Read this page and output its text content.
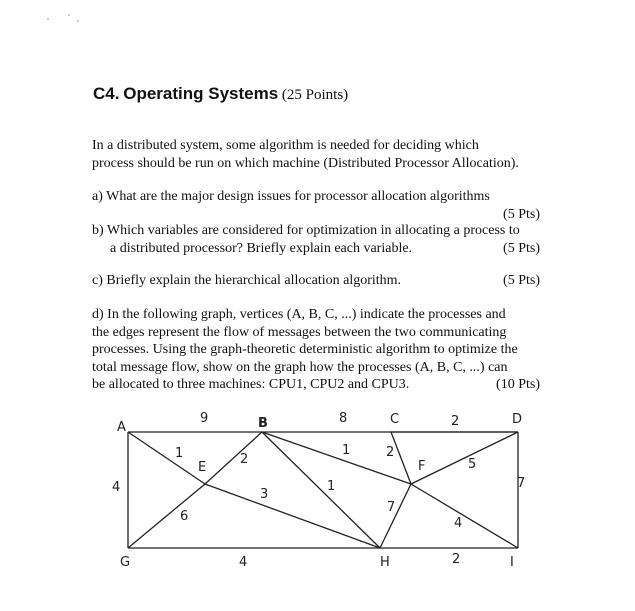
C4. Operating Systems (25 Points)
In a distributed system, some algorithm is needed for deciding which
process should be run on which machine (Distributed Processor Allocation).
a) What are the major design issues for processor allocation algorithms
(5 Pts)
b) Which variables are considered for optimization in allocating a process to
a distributed processor? Briefly explain each variable.	(5 Pts)
c) Briefly explain the hierarchical allocation algorithm.	(5 Pts)
d) In the following graph, vertices (A, B, C, ...) indicate the processes and
the edges represent the flow of messages between the two communicating
processes. Using the graph-theoretic deterministic algorithm to optimize the
total message flow, show on the graph how the processes (A, B, C, ...) can
be allocated to three machines: CPU1, CPU2 and CPU3.	(10 Pts)
9	8	2
1
4
2
1	2
6
3
1
7
5
4
7
4	2
A	B	C	D
E	F
G	H	I
